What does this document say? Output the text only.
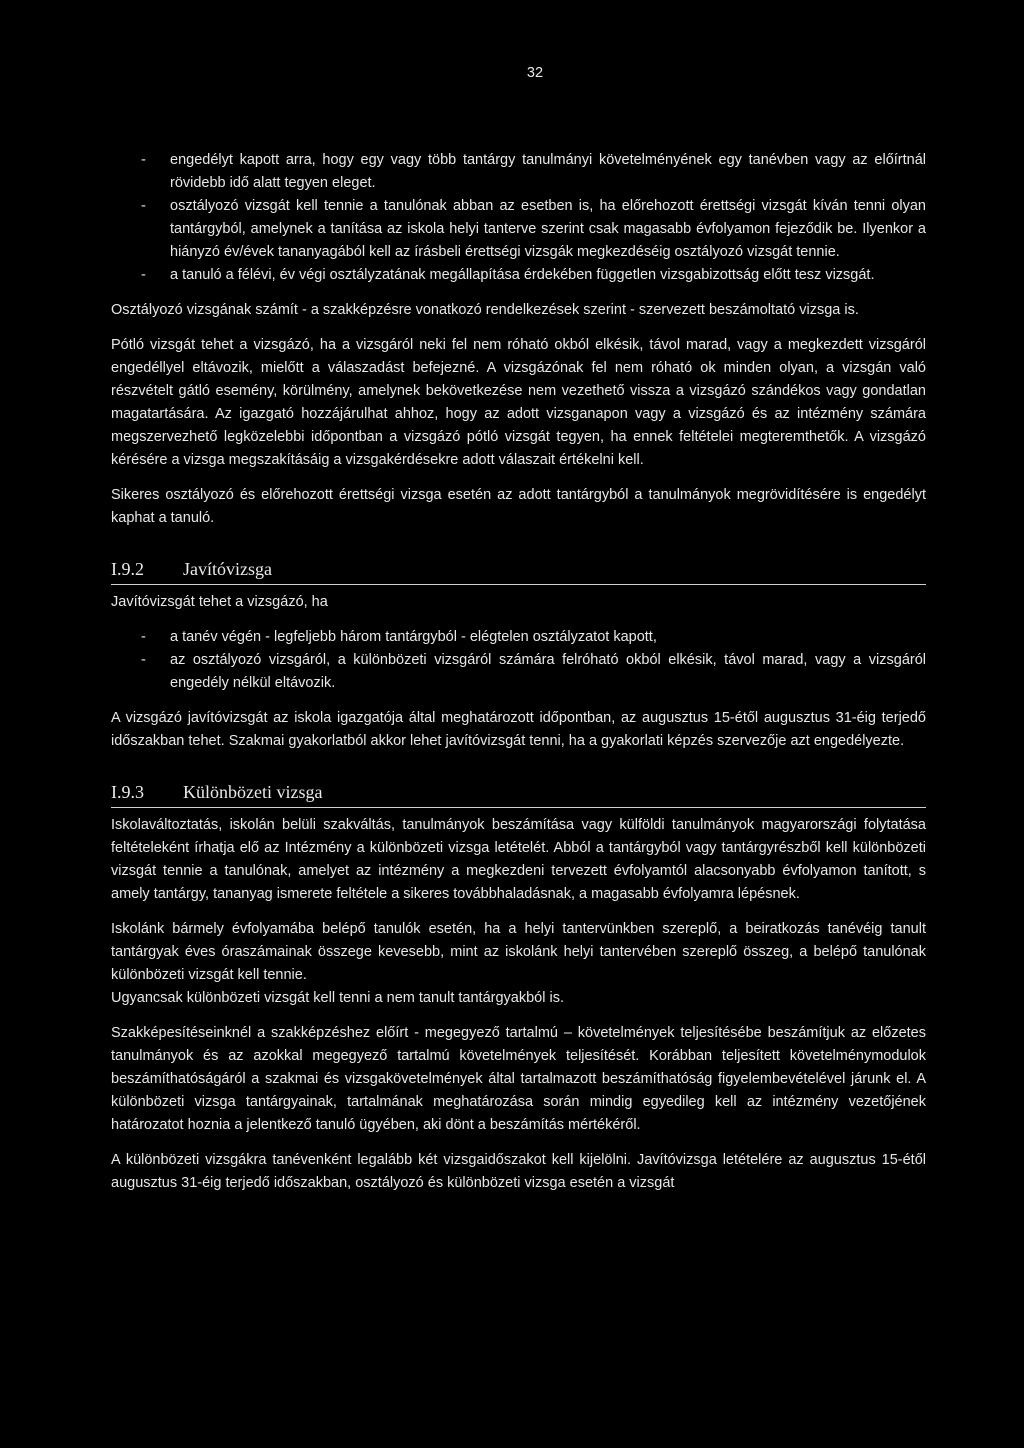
32
- engedélyt kapott arra, hogy egy vagy több tantárgy tanulmányi követelményének egy tanévben vagy az előírtnál rövidebb idő alatt tegyen eleget.
- osztályozó vizsgát kell tennie a tanulónak abban az esetben is, ha előrehozott érettségi vizsgát kíván tenni olyan tantárgyból, amelynek a tanítása az iskola helyi tanterve szerint csak magasabb évfolyamon fejeződik be. Ilyenkor a hiányzó év/évek tananyagából kell az írásbeli érettségi vizsgák megkezdéséig osztályozó vizsgát tennie.
- a tanuló a félévi, év végi osztályzatának megállapítása érdekében független vizsgabizottság előtt tesz vizsgát.

Osztályozó vizsgának számít - a szakképzésre vonatkozó rendelkezések szerint - szervezett beszámoltató vizsga is.

Pótló vizsgát tehet a vizsgázó, ha a vizsgáról neki fel nem róható okból elkésik, távol marad, vagy a megkezdett vizsgáról engedéllyel eltávozik, mielőtt a válaszadást befejezné. A vizsgázónak fel nem róható ok minden olyan, a vizsgán való részvételt gátló esemény, körülmény, amelynek bekövetkezése nem vezethető vissza a vizsgázó szándékos vagy gondatlan magatartására. Az igazgató hozzájárulhat ahhoz, hogy az adott vizsganapon vagy a vizsgázó és az intézmény számára megszervezhető legközelebbi időpontban a vizsgázó pótló vizsgát tegyen, ha ennek feltételei megteremthetők. A vizsgázó kérésére a vizsga megszakításáig a vizsgakérdésekre adott válaszait értékelni kell.

Sikeres osztályozó és előrehozott érettségi vizsga esetén az adott tantárgyból a tanulmányok megrövidítésére is engedélyt kaphat a tanuló.

I.9.2	Javítóvizsga

Javítóvizsgát tehet a vizsgázó, ha

- a tanév végén - legfeljebb három tantárgyból - elégtelen osztályzatot kapott,
- az osztályozó vizsgáról, a különbözeti vizsgáról számára felróható okból elkésik, távol marad, vagy a vizsgáról engedély nélkül eltávozik.

A vizsgázó javítóvizsgát az iskola igazgatója által meghatározott időpontban, az augusztus 15-étől augusztus 31-éig terjedő időszakban tehet. Szakmai gyakorlatból akkor lehet javítóvizsgát tenni, ha a gyakorlati képzés szervezője azt engedélyezte.

I.9.3	Különbözeti vizsga

Iskolaváltoztatás, iskolán belüli szakváltás, tanulmányok beszámítása vagy külföldi tanulmányok magyarországi folytatása feltételeként írhatja elő az Intézmény a különbözeti vizsga letételét. Abból a tantárgyból vagy tantárgyrészből kell különbözeti vizsgát tennie a tanulónak, amelyet az intézmény a megkezdeni tervezett évfolyamtól alacsonyabb évfolyamon tanított, s amely tantárgy, tananyag ismerete feltétele a sikeres továbbhaladásnak, a magasabb évfolyamra lépésnek.

Iskolánk bármely évfolyamába belépő tanulók esetén, ha a helyi tantervünkben szereplő, a beiratkozás tanévéig tanult tantárgyak éves óraszámainak összege kevesebb, mint az iskolánk helyi tantervében szereplő összeg, a belépő tanulónak különbözeti vizsgát kell tennie.

Ugyancsak különbözeti vizsgát kell tenni a nem tanult tantárgyakból is.

Szakképesítéseinknél a szakképzéshez előírt - megegyező tartalmú – követelmények teljesítésébe beszámítjuk az előzetes tanulmányok és az azokkal megegyező tartalmú követelmények teljesítését. Korábban teljesített követelménymodulok beszámíthatóságáról a szakmai és vizsgakövetelmények által tartalmazott beszámíthatóság figyelembevételével járunk el. A különbözeti vizsga tantárgyainak, tartalmának meghatározása során mindig egyedileg kell az intézmény vezetőjének határozatot hoznia a jelentkező tanuló ügyében, aki dönt a beszámítás mértékéről.

A különbözeti vizsgákra tanévenként legalább két vizsgaidőszakot kell kijelölni. Javítóvizsga letételére az augusztus 15-étől augusztus 31-éig terjedő időszakban, osztályozó és különbözeti vizsga esetén a vizsgát
